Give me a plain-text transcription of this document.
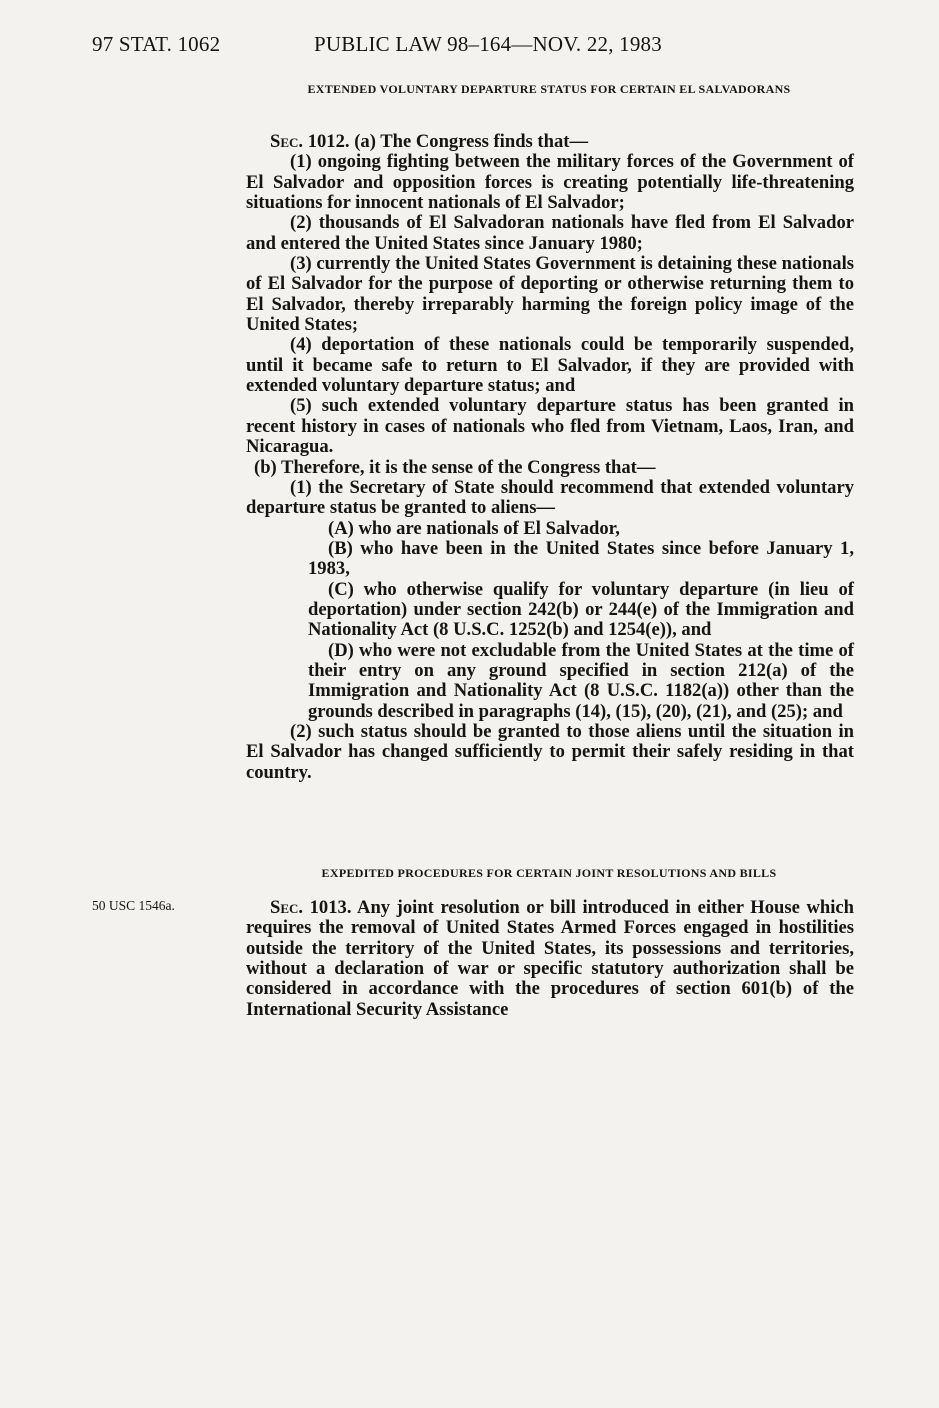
97 STAT. 1062	PUBLIC LAW 98–164—NOV. 22, 1983
EXTENDED VOLUNTARY DEPARTURE STATUS FOR CERTAIN EL SALVADORANS

Sec. 1012. (a) The Congress finds that—

(1) ongoing fighting between the military forces of the Government of El Salvador and opposition forces is creating potentially life-threatening situations for innocent nationals of El Salvador;

(2) thousands of El Salvadoran nationals have fled from El Salvador and entered the United States since January 1980;

(3) currently the United States Government is detaining these nationals of El Salvador for the purpose of deporting or otherwise returning them to El Salvador, thereby irreparably harming the foreign policy image of the United States;

(4) deportation of these nationals could be temporarily suspended, until it became safe to return to El Salvador, if they are provided with extended voluntary departure status; and

(5) such extended voluntary departure status has been granted in recent history in cases of nationals who fled from Vietnam, Laos, Iran, and Nicaragua.

(b) Therefore, it is the sense of the Congress that—

(1) the Secretary of State should recommend that extended voluntary departure status be granted to aliens—

(A) who are nationals of El Salvador,

(B) who have been in the United States since before January 1, 1983,

(C) who otherwise qualify for voluntary departure (in lieu of deportation) under section 242(b) or 244(e) of the Immigration and Nationality Act (8 U.S.C. 1252(b) and 1254(e)), and

(D) who were not excludable from the United States at the time of their entry on any ground specified in section 212(a) of the Immigration and Nationality Act (8 U.S.C. 1182(a)) other than the grounds described in paragraphs (14), (15), (20), (21), and (25); and

(2) such status should be granted to those aliens until the situation in El Salvador has changed sufficiently to permit their safely residing in that country.

EXPEDITED PROCEDURES FOR CERTAIN JOINT RESOLUTIONS AND BILLS
50 USC 1546a.	Sec. 1013. Any joint resolution or bill introduced in either House which requires the removal of United States Armed Forces engaged in hostilities outside the territory of the United States, its possessions and territories, without a declaration of war or specific statutory authorization shall be considered in accordance with the procedures of section 601(b) of the International Security Assistance
